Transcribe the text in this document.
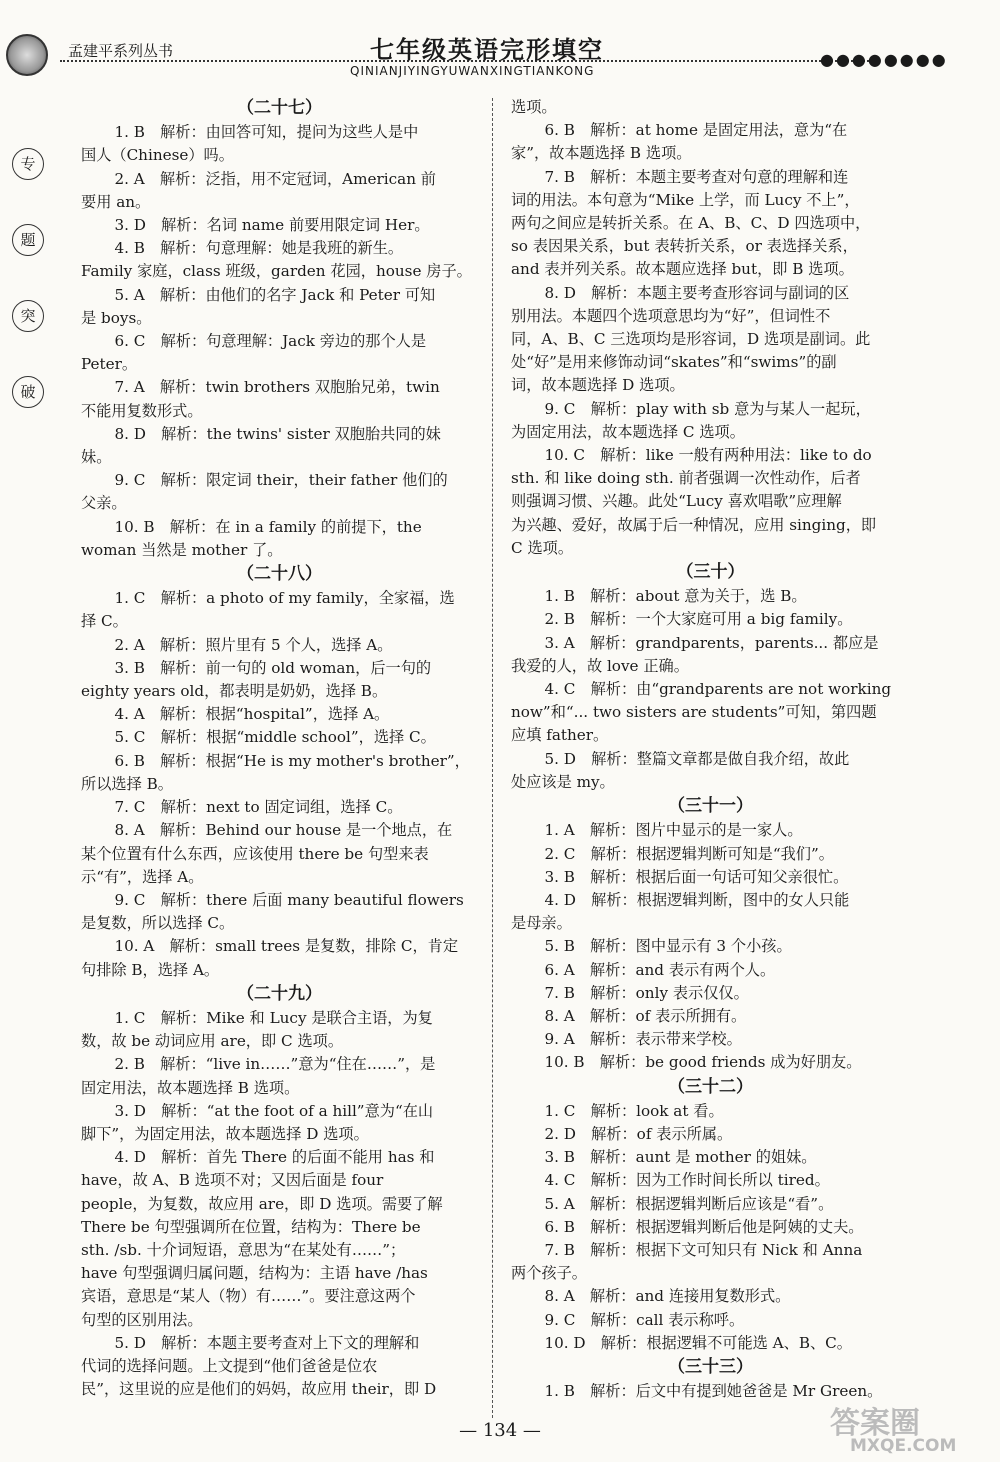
孟建平系列丛书	七年级英语完形填空
QINIANJIYINGYUWANXINGTIANKONG
●●●●●●●●
专
题
突
破

（二十七）

1. B　解析：由回答可知，提问为这些人是中

国人（Chinese）吗。

2. A　解析：泛指，用不定冠词，American 前

要用 an。

3. D　解析：名词 name 前要用限定词 Her。

4. B　解析：句意理解：她是我班的新生。

Family 家庭，class 班级，garden 花园，house 房子。

5. A　解析：由他们的名字 Jack 和 Peter 可知

是 boys。

6. C　解析：句意理解：Jack 旁边的那个人是

Peter。

7. A　解析：twin brothers 双胞胎兄弟，twin

不能用复数形式。

8. D　解析：the twins' sister 双胞胎共同的妹

妹。

9. C　解析：限定词 their，their father 他们的

父亲。

10. B　解析：在 in a family 的前提下，the

woman 当然是 mother 了。

（二十八）

1. C　解析：a photo of my family，全家福，选

择 C。

2. A　解析：照片里有 5 个人，选择 A。

3. B　解析：前一句的 old woman，后一句的

eighty years old，都表明是奶奶，选择 B。

4. A　解析：根据“hospital”，选择 A。

5. C　解析：根据“middle school”，选择 C。

6. B　解析：根据“He is my mother's brother”，

所以选择 B。

7. C　解析：next to 固定词组，选择 C。

8. A　解析：Behind our house 是一个地点，在

某个位置有什么东西，应该使用 there be 句型来表

示“有”，选择 A。

9. C　解析：there 后面 many beautiful flowers

是复数，所以选择 C。

10. A　解析：small trees 是复数，排除 C，肯定

句排除 B，选择 A。

（二十九）

1. C　解析：Mike 和 Lucy 是联合主语，为复

数，故 be 动词应用 are，即 C 选项。

2. B　解析：“live in……”意为“住在……”，是

固定用法，故本题选择 B 选项。

3. D　解析：“at the foot of a hill”意为“在山

脚下”，为固定用法，故本题选择 D 选项。

4. D　解析：首先 There 的后面不能用 has 和

have，故 A、B 选项不对；又因后面是 four

people，为复数，故应用 are，即 D 选项。需要了解

There be 句型强调所在位置，结构为：There be

sth. /sb. 十介词短语，意思为“在某处有……”；

have 句型强调归属问题，结构为：主语 have /has

宾语，意思是“某人（物）有……”。要注意这两个

句型的区别用法。

5. D　解析：本题主要考查对上下文的理解和

代词的选择问题。上文提到“他们爸爸是位农

民”，这里说的应是他们的妈妈，故应用 their，即 D

选项。

6. B　解析：at home 是固定用法，意为“在

家”，故本题选择 B 选项。

7. B　解析：本题主要考查对句意的理解和连

词的用法。本句意为“Mike 上学，而 Lucy 不上”，

两句之间应是转折关系。在 A、B、C、D 四选项中，

so 表因果关系，but 表转折关系，or 表选择关系，

and 表并列关系。故本题应选择 but，即 B 选项。

8. D　解析：本题主要考查形容词与副词的区

别用法。本题四个选项意思均为“好”，但词性不

同，A、B、C 三选项均是形容词，D 选项是副词。此

处“好”是用来修饰动词“skates”和“swims”的副

词，故本题选择 D 选项。

9. C　解析：play with sb 意为与某人一起玩，

为固定用法，故本题选择 C 选项。

10. C　解析：like 一般有两种用法：like to do

sth. 和 like doing sth. 前者强调一次性动作，后者

则强调习惯、兴趣。此处“Lucy 喜欢唱歌”应理解

为兴趣、爱好，故属于后一种情况，应用 singing，即

C 选项。

（三十）

1. B　解析：about 意为关于，选 B。

2. B　解析：一个大家庭可用 a big family。

3. A　解析：grandparents，parents... 都应是

我爱的人，故 love 正确。

4. C　解析：由“grandparents are not working

now”和“... two sisters are students”可知，第四题

应填 father。

5. D　解析：整篇文章都是做自我介绍，故此

处应该是 my。

（三十一）

1. A　解析：图片中显示的是一家人。

2. C　解析：根据逻辑判断可知是“我们”。

3. B　解析：根据后面一句话可知父亲很忙。

4. D　解析：根据逻辑判断，图中的女人只能

是母亲。

5. B　解析：图中显示有 3 个小孩。

6. A　解析：and 表示有两个人。

7. B　解析：only 表示仅仅。

8. A　解析：of 表示所拥有。

9. A　解析：表示带来学校。

10. B　解析：be good friends 成为好朋友。

（三十二）

1. C　解析：look at 看。

2. D　解析：of 表示所属。

3. B　解析：aunt 是 mother 的姐妹。

4. C　解析：因为工作时间长所以 tired。

5. A　解析：根据逻辑判断后应该是“看”。

6. B　解析：根据逻辑判断后他是阿姨的丈夫。

7. B　解析：根据下文可知只有 Nick 和 Anna

两个孩子。

8. A　解析：and 连接用复数形式。

9. C　解析：call 表示称呼。

10. D　解析：根据逻辑不可能选 A、B、C。

（三十三）

1. B　解析：后文中有提到她爸爸是 Mr Green。

— 134 —	答案圈
MXQE.COM
